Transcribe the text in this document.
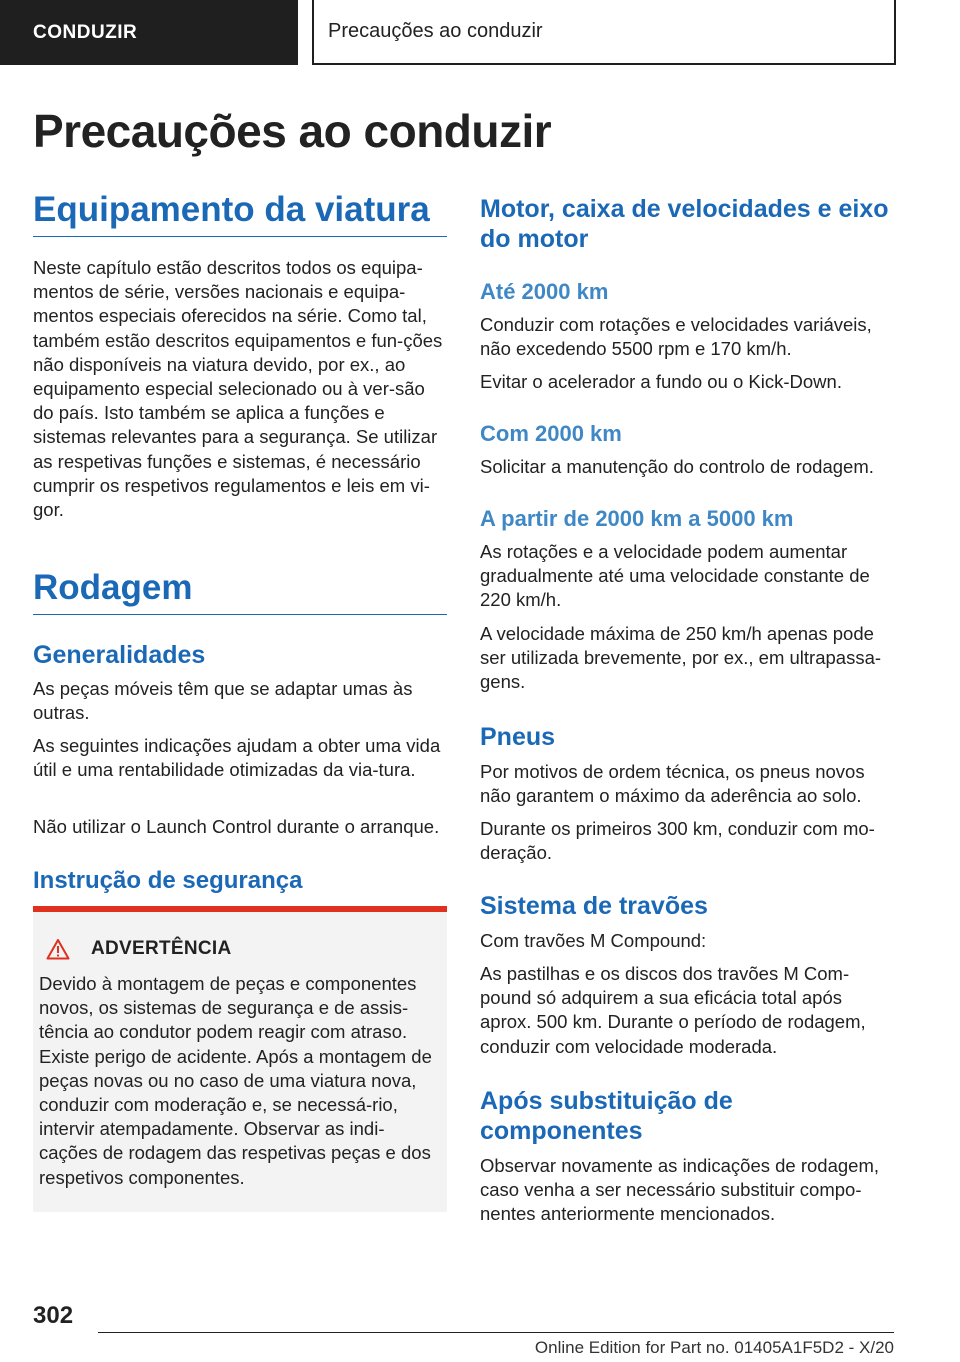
CONDUZIR	Precauções ao conduzir
Precauções ao conduzir
Equipamento da viatura

Neste capítulo estão descritos todos os equipa-mentos de série, versões nacionais e equipa-mentos especiais oferecidos na série. Como tal, também estão descritos equipamentos e fun-ções não disponíveis na viatura devido, por ex., ao equipamento especial selecionado ou à ver-são do país. Isto também se aplica a funções e sistemas relevantes para a segurança. Se utilizar as respetivas funções e sistemas, é necessário cumprir os respetivos regulamentos e leis em vi-gor.

Rodagem
Generalidades

As peças móveis têm que se adaptar umas às outras.

As seguintes indicações ajudam a obter uma vida útil e uma rentabilidade otimizadas da via-tura.

Não utilizar o Launch Control durante o arranque.

Instrução de segurança
ADVERTÊNCIA

Devido à montagem de peças e componentes novos, os sistemas de segurança e de assis-tência ao condutor podem reagir com atraso. Existe perigo de acidente. Após a montagem de peças novas ou no caso de uma viatura nova, conduzir com moderação e, se necessá-rio, intervir atempadamente. Observar as indi-cações de rodagem das respetivas peças e dos respetivos componentes.

Motor, caixa de velocidades e eixo do motor
Até 2000 km

Conduzir com rotações e velocidades variáveis, não excedendo 5500 rpm e 170 km/h.

Evitar o acelerador a fundo ou o Kick-Down.

Com 2000 km

Solicitar a manutenção do controlo de rodagem.

A partir de 2000 km a 5000 km

As rotações e a velocidade podem aumentar gradualmente até uma velocidade constante de 220 km/h.

A velocidade máxima de 250 km/h apenas pode ser utilizada brevemente, por ex., em ultrapassa-gens.

Pneus

Por motivos de ordem técnica, os pneus novos não garantem o máximo da aderência ao solo.

Durante os primeiros 300 km, conduzir com mo-deração.

Sistema de travões

Com travões M Compound:

As pastilhas e os discos dos travões M Com-pound só adquirem a sua eficácia total após aprox. 500 km. Durante o período de rodagem, conduzir com velocidade moderada.

Após substituição de componentes

Observar novamente as indicações de rodagem, caso venha a ser necessário substituir compo-nentes anteriormente mencionados.

302
Online Edition for Part no. 01405A1F5D2 - X/20
